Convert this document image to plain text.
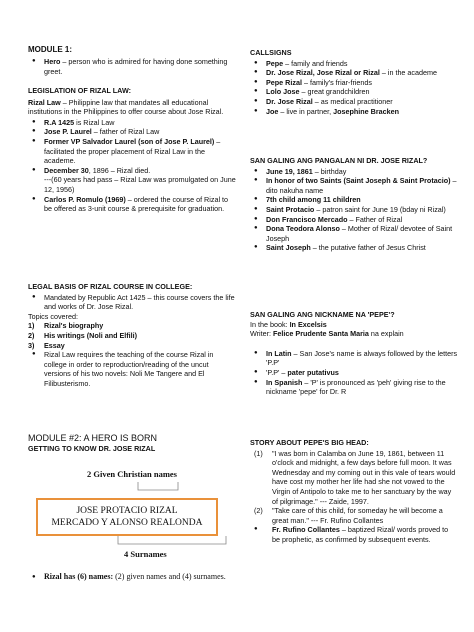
MODULE 1:

● Hero – person who is admired for having done something greet.

LEGISLATION OF RIZAL LAW:

Rizal Law – Philippine law that mandates all educational institutions in the Philippines to offer course about Jose Rizal.

● R.A 1425 is Rizal Law
● Jose P. Laurel – father of Rizal Law
● Former VP Salvador Laurel (son of Jose P. Laurel) – facilitated the proper placement of Rizal Law in the academe.
● December 30, 1896 – Rizal died.
---(60 years had pass – Rizal Law was promulgated on June 12, 1956)
● Carlos P. Romulo (1969) – ordered the course of Rizal to be offered as 3-unit course & prerequisite for graduation.

LEGAL BASIS OF RIZAL COURSE IN COLLEGE:

● Mandated by Republic Act 1425 – this course covers the life and works of Dr. Jose Rizal.

Topics covered:

1) Rizal's biography
2) His writings (Noli and Elfili)
3) Essay
● Rizal Law requires the teaching of the course Rizal in college in order to reproduction/reading of the uncut versions of his two novels: Noli Me Tangere and El Filibusterismo.

MODULE #2: A HERO IS BORN

GETTING TO KNOW DR. JOSE RIZAL

2 Given Christian names

JOSE PROTACIO RIZAL
MERCADO Y ALONSO REALONDA

4 Surnames

● Rizal has (6) names: (2) given names and (4) surnames.

CALLSIGNS

● Pepe – family and friends
● Dr. Jose Rizal, Jose Rizal or Rizal – in the academe
● Pepe Rizal – family's friar-friends
● Lolo Jose – great grandchildren
● Dr. Jose Rizal – as medical practitioner
● Joe – live in partner, Josephine Bracken

SAN GALING ANG PANGALAN NI DR. JOSE RIZAL?

● June 19, 1861 – birthday
● In honor of two Saints (Saint Joseph & Saint Protacio) – dito nakuha name
● 7th child among 11 children
● Saint Protacio – patron saint for June 19 (bday ni Rizal)
● Don Francisco Mercado – Father of Rizal
● Dona Teodora Alonso – Mother of Rizal/ devotee of Saint Joseph
● Saint Joseph – the putative father of Jesus Christ

SAN GALING ANG NICKNAME NA 'PEPE'?

In the book: In Excelsis

Writer: Felice Prudente Santa Maria na explain

● In Latin – San Jose's name is always followed by the letters 'P.P'
● 'P.P' – pater putativus
● In Spanish – 'P' is pronounced as 'peh' giving rise to the nickname 'pepe' for Dr. R

STORY ABOUT PEPE'S BIG HEAD:

(1) "I was born in Calamba on June 19, 1861, between 11 o'clock and midnight, a few days before full moon. It was Wednesday and my coming out in this vale of tears would have cost my mother her life had she not vowed to the Virgin of Antipolo to take me to her sanctuary by the way of pilgrimage." --- Zaide, 1997.
(2) "Take care of this child, for someday he will become a great man." --- Fr. Rufino Collantes
● Fr. Rufino Collantes – baptized Rizal/ words proved to be prophetic, as confirmed by subsequent events.
